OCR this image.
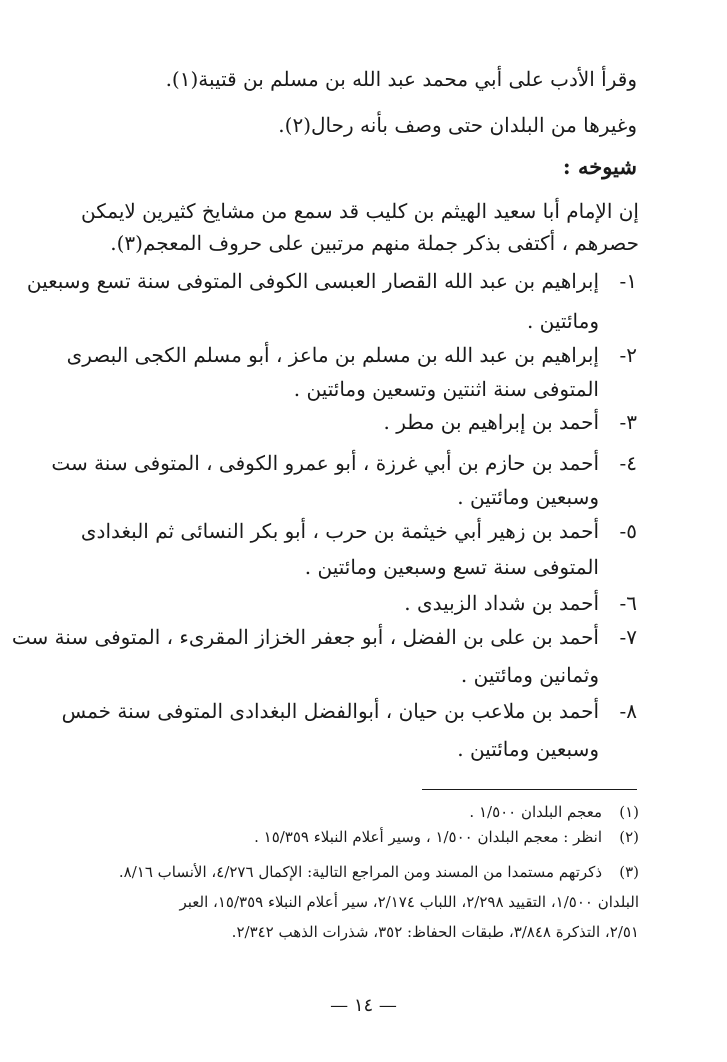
وقرأ الأدب على أبي محمد عبد الله بن مسلم بن قتيبة(١).
وغيرها من البلدان حتى وصف بأنه رحال(٢).
شيوخه :
إن الإمام أبا سعيد الهيثم بن كليب قد سمع من مشايخ كثيرين لايمكن
حصرهم ، أكتفى بذكر جملة منهم مرتبين على حروف المعجم(٣).
١-
إبراهيم بن عبد الله القصار العبسى الكوفى المتوفى سنة تسع وسبعين
ومائتين .
٢-
إبراهيم بن عبد الله بن مسلم بن ماعز ، أبو مسلم الكجى البصرى
المتوفى سنة اثنتين وتسعين ومائتين .
٣-
أحمد بن إبراهيم بن مطر .
٤-
أحمد بن حازم بن أبي غرزة ، أبو عمرو الكوفى ، المتوفى سنة ست
وسبعين ومائتين .
٥-
أحمد بن زهير أبي خيثمة بن حرب ، أبو بكر النسائى ثم البغدادى
المتوفى سنة تسع وسبعين ومائتين .
٦-
أحمد بن شداد الزبيدى .
٧-
أحمد بن على بن الفضل ، أبو جعفر الخزاز المقرىء ، المتوفى سنة ست
وثمانين ومائتين .
٨-
أحمد بن ملاعب بن حيان ، أبوالفضل البغدادى المتوفى سنة خمس
وسبعين ومائتين .
(١)
معجم البلدان ١/٥٠٠ .
(٢)
انظر : معجم البلدان ١/٥٠٠ ، وسير أعلام النبلاء ١٥/٣٥٩ .
(٣)
ذكرتهم مستمدا من المسند ومن المراجع التالية: الإكمال ٤/٢٧٦، الأنساب ٨/١٦.
البلدان ١/٥٠٠، التقييد ٢/٢٩٨، اللباب ٢/١٧٤، سير أعلام النبلاء ١٥/٣٥٩، العبر
٢/٥١، التذكرة ٣/٨٤٨، طبقات الحفاظ: ٣٥٢، شذرات الذهب ٢/٣٤٢.
— ١٤ —
